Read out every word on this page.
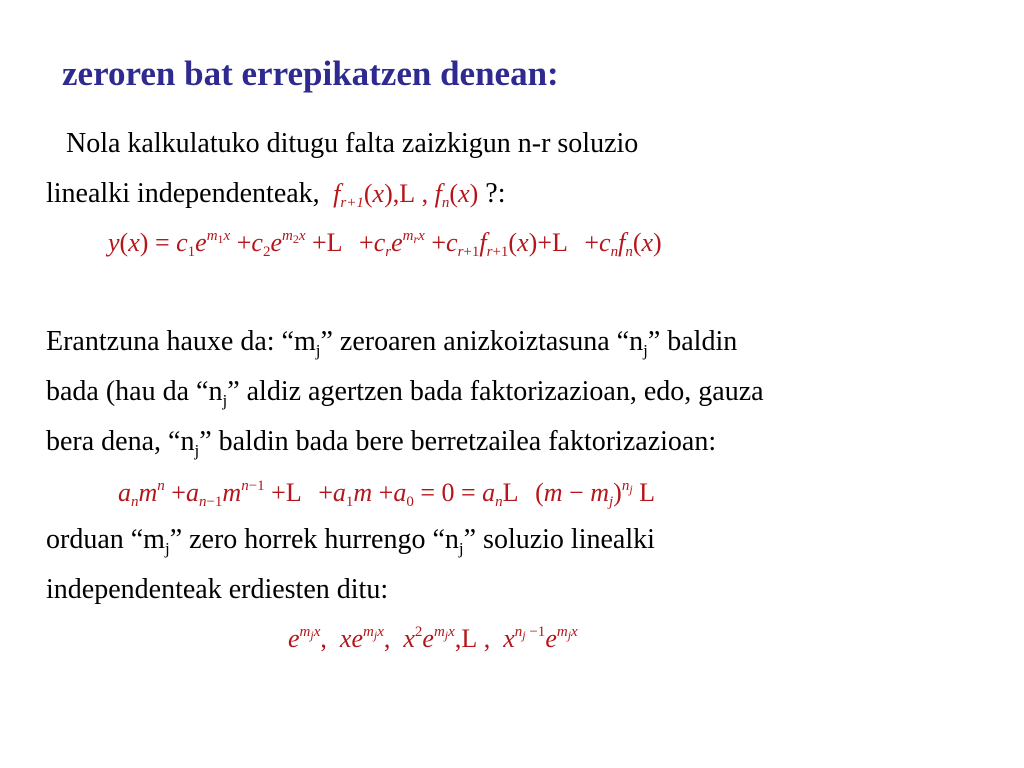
zeroren bat errepikatzen denean:
Nola kalkulatuko ditugu falta zaizkigun n-r soluzio
linealki independenteak,  $f_{r+1}(x),L$ , $f_n(x)$ ?:
$y(x) = c_1e^{m_1x} +c_2e^{m_2x} +L +c_re^{m_rx} +c_{r+1}f_{r+1}(x)+L +c_nf_n(x)$
Erantzuna hauxe da: “$m_j$” zeroaren anizkoiztasuna “$n_j$” baldin
bada (hau da “$n_j$” aldiz agertzen bada faktorizazioan, edo, gauza
bera dena, “$n_j$” baldin bada bere berretzailea faktorizazioan:
$a_nm^n +a_{n-1}m^{n-1} +L +a_1m +a_0 = 0 = a_nL$ $(m - m_j)^{n_j}$ L
orduan “$m_j$” zero horrek hurrengo “$n_j$” soluzio linealki
independenteak erdiesten ditu:
$e^{m_jx}$,  $xe^{m_jx}$,  $x^2e^{m_jx},L$ ,  $x^{n_j -1}e^{m_jx}$
